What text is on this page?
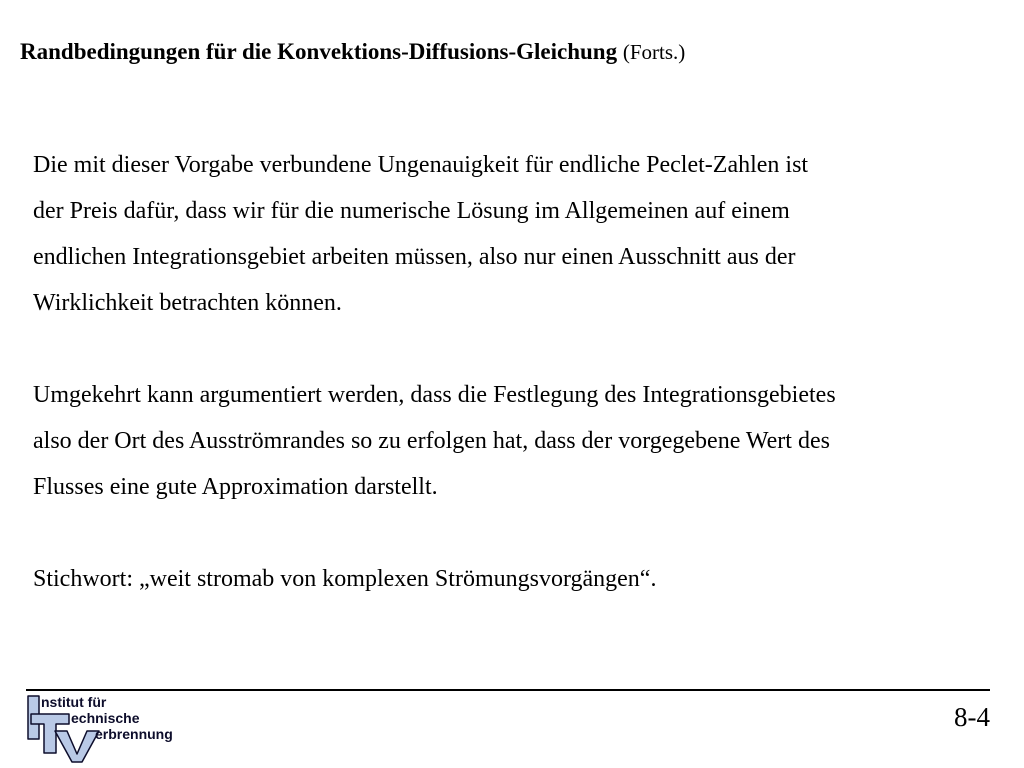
Randbedingungen für die Konvektions-Diffusions-Gleichung (Forts.)

Die mit dieser Vorgabe verbundene Ungenauigkeit für endliche Peclet-Zahlen ist
der Preis dafür, dass wir für die numerische Lösung im Allgemeinen auf einem
endlichen Integrationsgebiet arbeiten müssen, also nur einen Ausschnitt aus der
Wirklichkeit betrachten können.

Umgekehrt kann argumentiert werden, dass die Festlegung des Integrationsgebietes
also der Ort des Ausströmrandes so zu erfolgen hat, dass der vorgegebene Wert des
Flusses eine gute Approximation darstellt.

Stichwort: „weit stromab von komplexen Strömungsvorgängen“.

nstitut für
echnische
erbrennung
8-4
